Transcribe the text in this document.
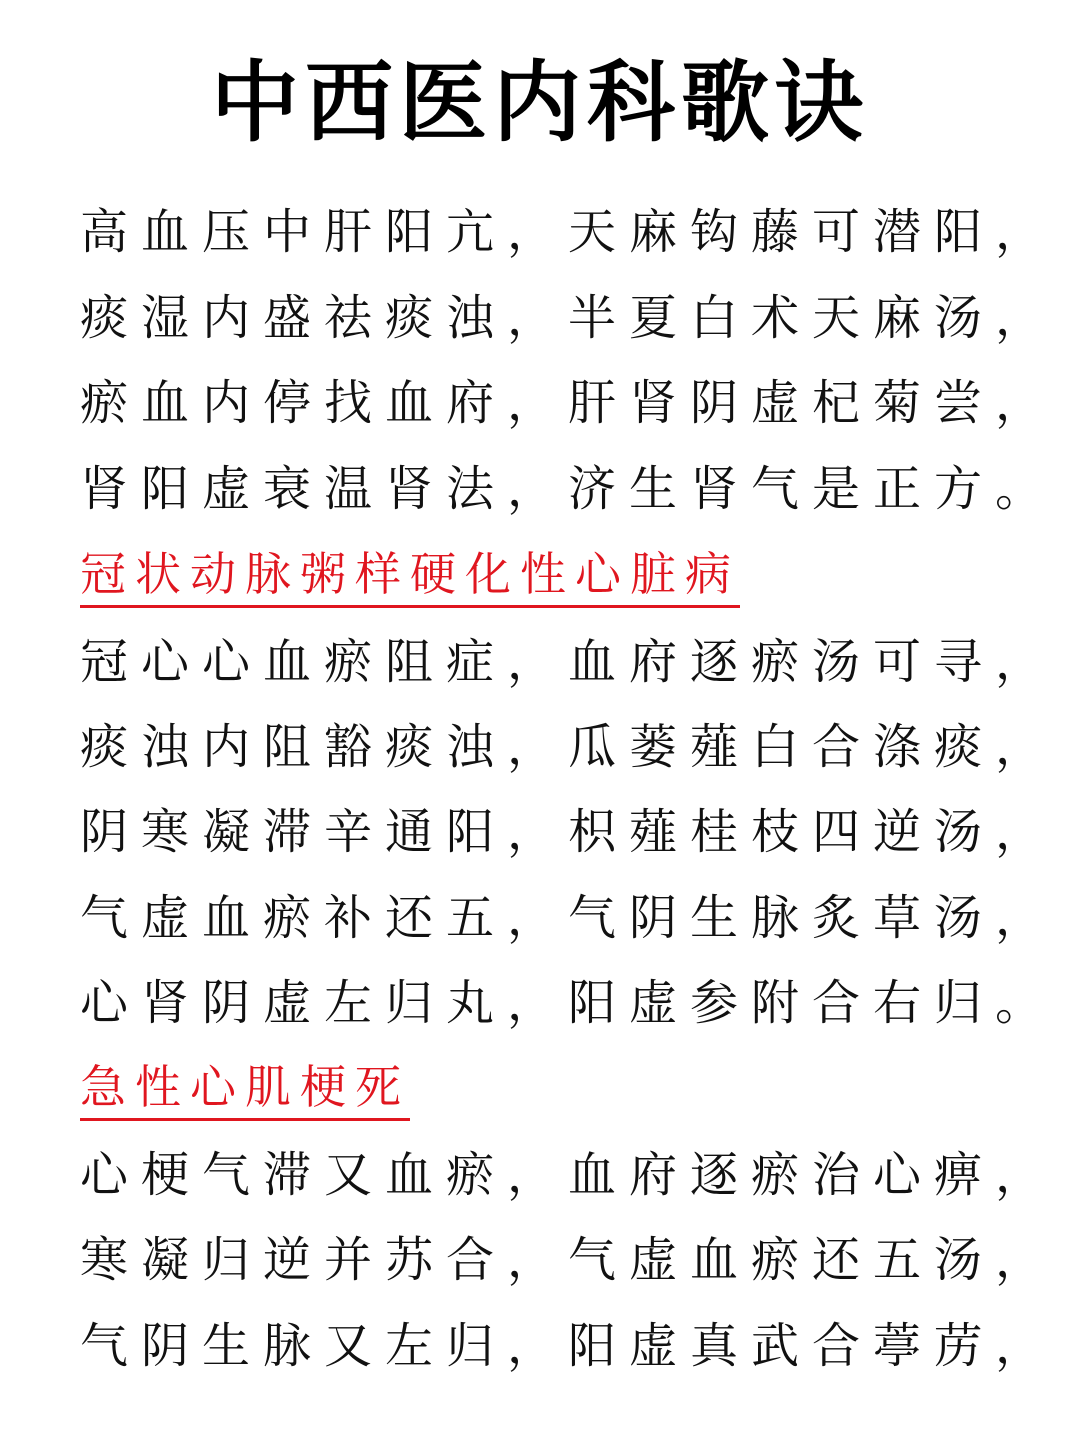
中西医内科歌诀
高血压中肝阳亢，天麻钩藤可潜阳，
痰湿内盛祛痰浊，半夏白术天麻汤，
瘀血内停找血府，肝肾阴虚杞菊尝，
肾阳虚衰温肾法，济生肾气是正方。
冠状动脉粥样硬化性心脏病
冠心心血瘀阻症，血府逐瘀汤可寻，
痰浊内阻豁痰浊，瓜蒌薤白合涤痰，
阴寒凝滞辛通阳，枳薤桂枝四逆汤，
气虚血瘀补还五，气阴生脉炙草汤，
心肾阴虚左归丸，阳虚参附合右归。
急性心肌梗死
心梗气滞又血瘀，血府逐瘀治心痹，
寒凝归逆并苏合，气虚血瘀还五汤，
气阴生脉又左归，阳虚真武合葶苈，
